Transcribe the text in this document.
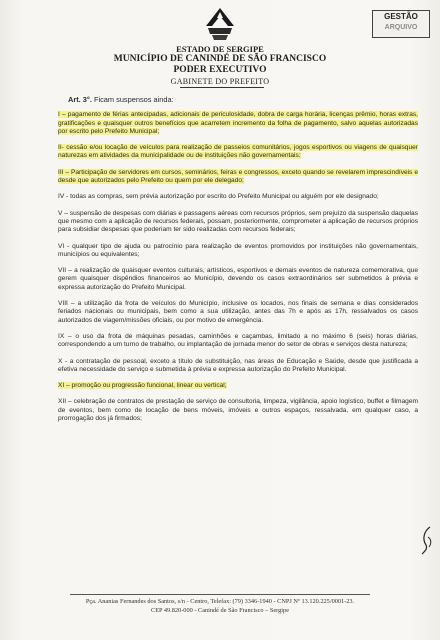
GESTÃO
ARQUIVO
ESTADO DE SERGIPE
MUNICÍPIO DE CANINDÉ DE SÃO FRANCISCO
PODER EXECUTIVO
GABINETE DO PREFEITO

Art. 3°. Ficam suspensos ainda:

I – pagamento de férias antecipadas, adicionais de periculosidade, dobra de carga horária, licenças prêmio, horas extras, gratificações e quaisquer outros benefícios que acarretem incremento da folha de pagamento, salvo aquelas autorizadas por escrito pelo Prefeito Municipal;

II- cessão e/ou locação de veículos para realização de passeios comunitários, jogos esportivos ou viagens de quaisquer naturezas em atividades da municipalidade ou de instituições não governamentais;

III – Participação de servidores em cursos, seminários, feiras e congressos, exceto quando se revelarem imprescindíveis e desde que autorizados pelo Prefeito ou quem por ele delegado;

IV - todas as compras, sem prévia autorização por escrito do Prefeito Municipal ou alguém por ele designado;

V – suspensão de despesas com diárias e passagens aéreas com recursos próprios, sem prejuízo da suspensão daquelas que mesmo com a aplicação de recursos federais, possam, posteriormente, comprometer a aplicação de recursos próprios para subsidiar despesas que poderiam ter sido realizadas com recursos federais;

VI - qualquer tipo de ajuda ou patrocínio para realização de eventos promovidos por instituições não governamentais, municípios ou equivalentes;

VII – a realização de quaisquer eventos culturais, artísticos, esportivos e demais eventos de natureza comemorativa, que gerem quaisquer dispêndios financeiros ao Município, devendo os casos extraordinários ser submetidos à prévia e expressa autorização do Prefeito Municipal.

VIII – a utilização da frota de veículos do Município, inclusive os locados, nos finais de semana e dias considerados feriados nacionais ou municipais, bem como a sua utilização, antes das 7h e após as 17h, ressalvados os casos autorizados de viagem/missões oficiais, ou por motivo de emergência.

IX – o uso da frota de máquinas pesadas, caminhões e caçambas, limitado a no máximo 6 (seis) horas diárias, correspondendo a um turno de trabalho, ou implantação de jornada menor do setor de obras e serviços desta natureza;

X - a contratação de pessoal, exceto a título de substituição, nas áreas de Educação e Saúde, desde que justificada a efetiva necessidade do serviço e submetida à prévia e expressa autorização do Prefeito Municipal.

XI – promoção ou progressão funcional, linear ou vertical;

XII – celebração de contratos de prestação de serviço de consultoria, limpeza, vigilância, apoio logístico, buffet e filmagem de eventos, bem como de locação de bens móveis, imóveis e outros espaços, ressalvada, em qualquer caso, a prorrogação dos já firmados;

Pça. Ananias Fernandes dos Santos, s/n - Centro, Telefax: (79) 3346-1940 - CNPJ Nº 13.120.225/0001-23.
CEP 49.820-000 - Canindé de São Francisco – Sergipe
